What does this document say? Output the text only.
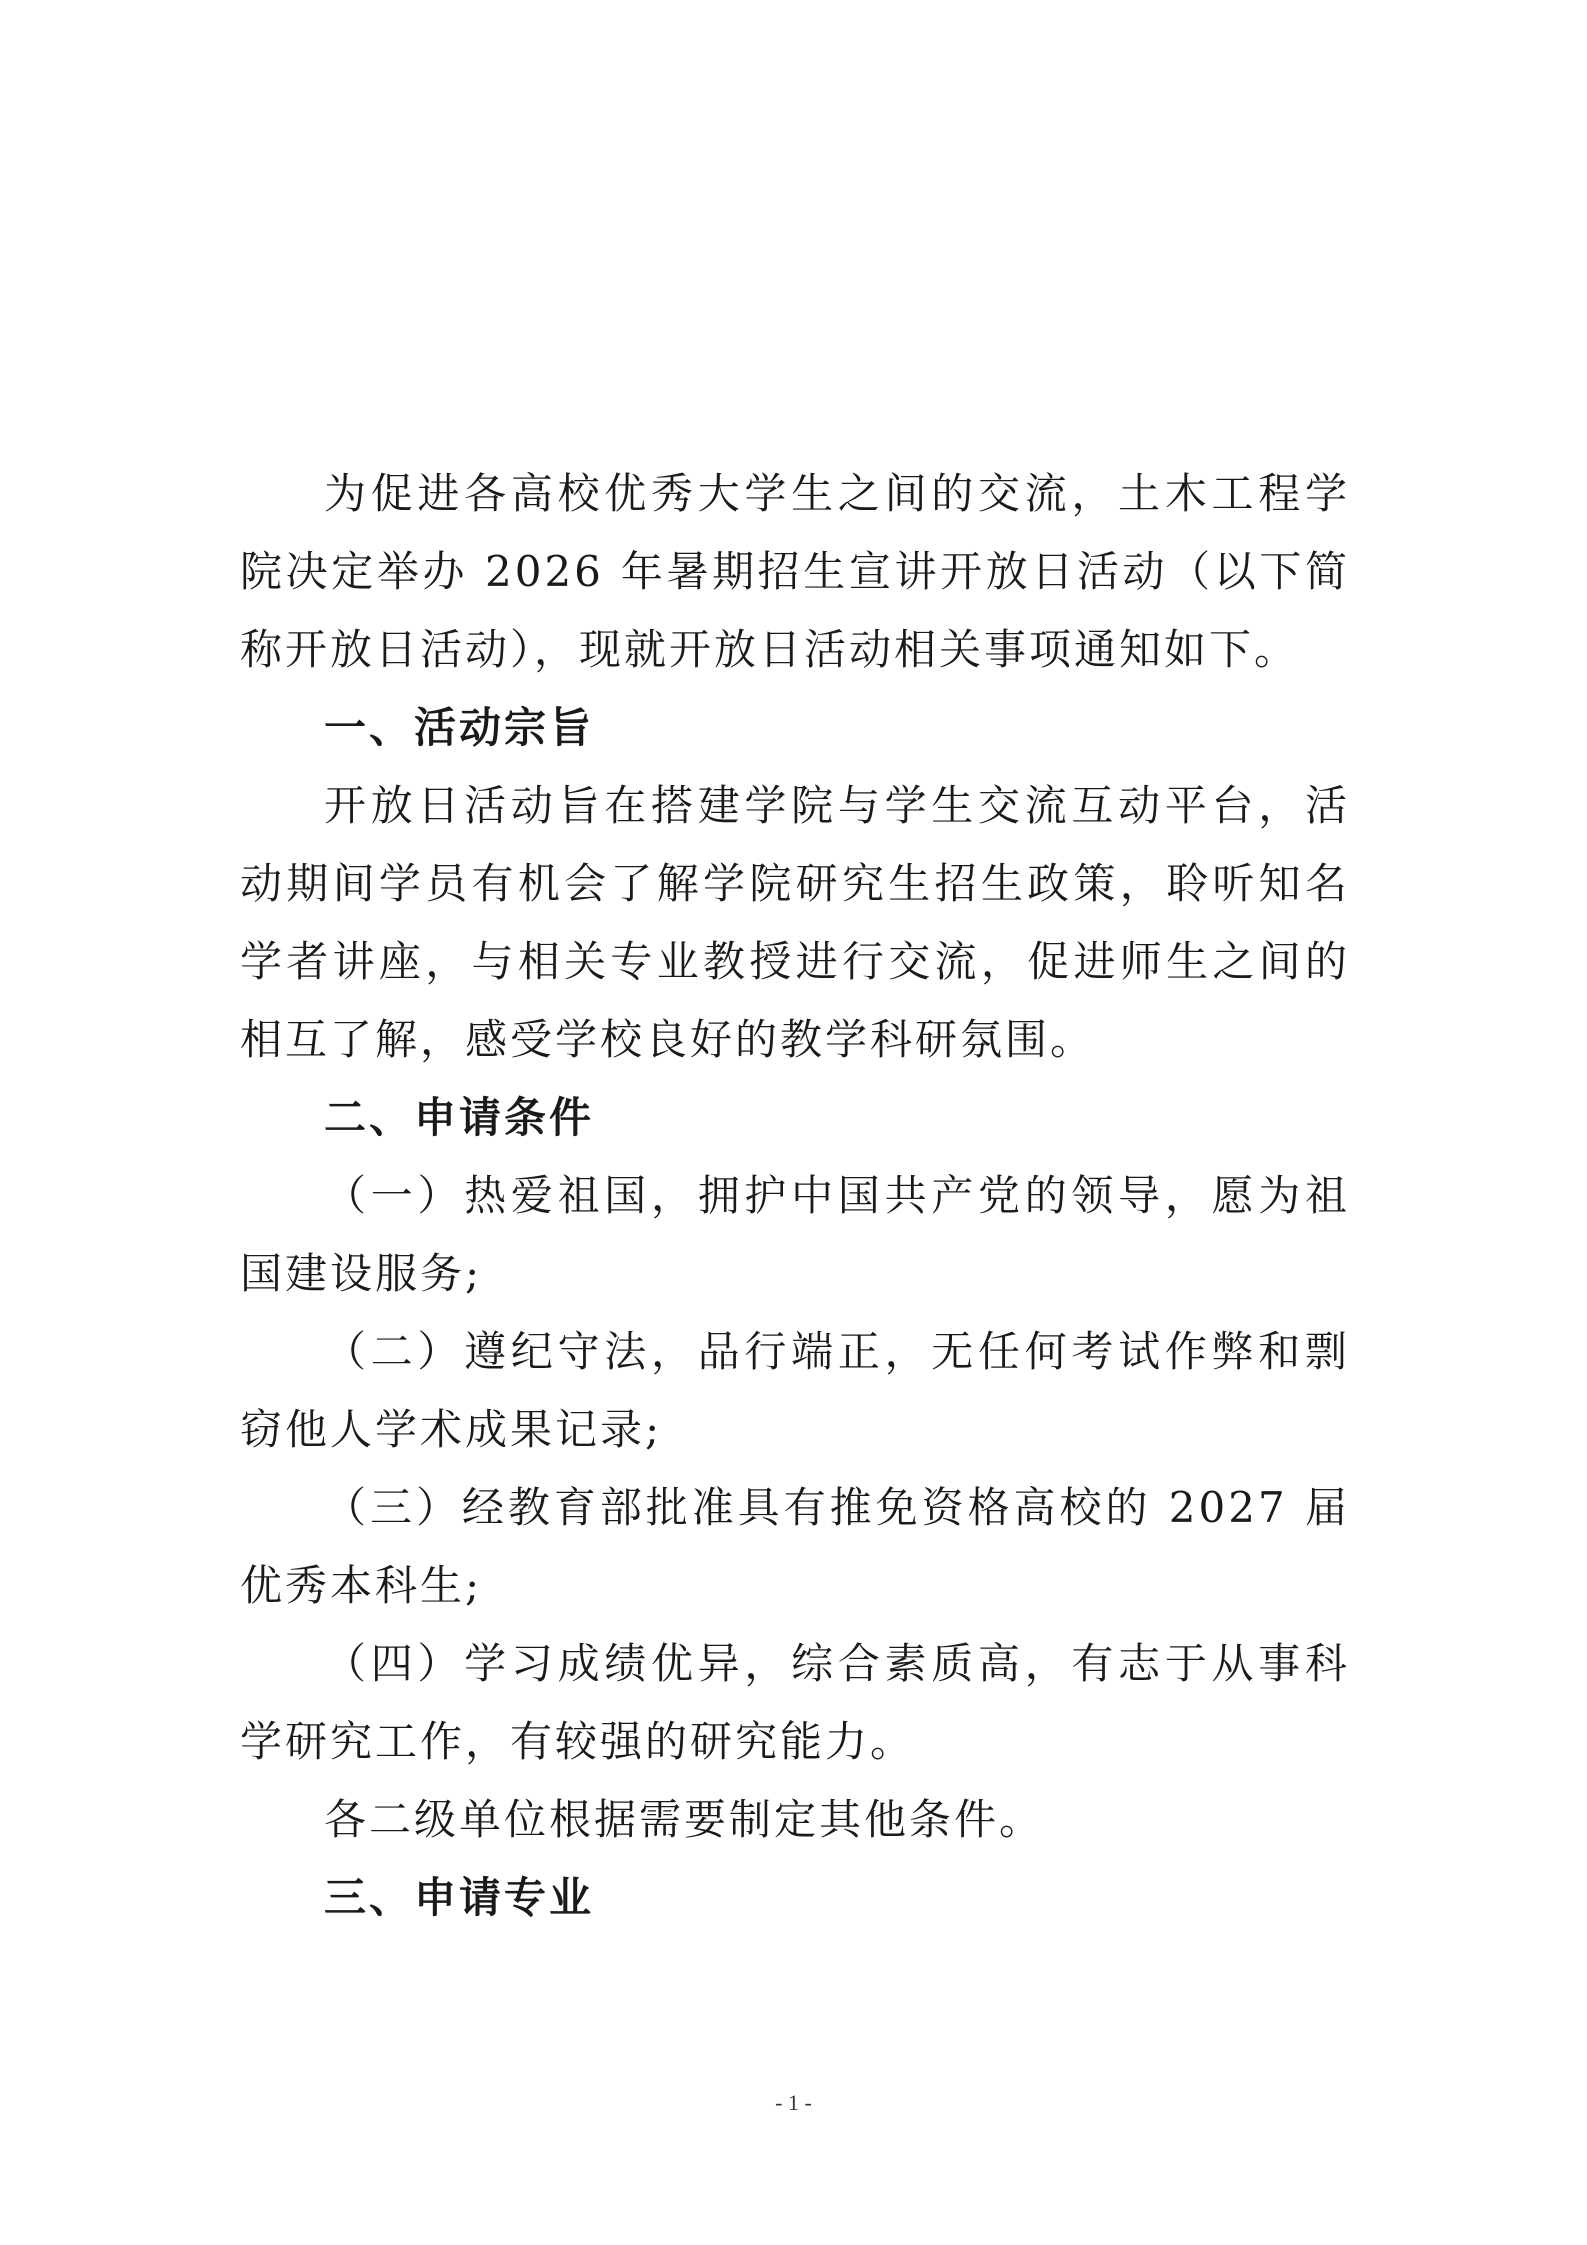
为促进各高校优秀大学生之间的交流，土木工程学院决定举办 2026 年暑期招生宣讲开放日活动（以下简称开放日活动），现就开放日活动相关事项通知如下。

一、活动宗旨

开放日活动旨在搭建学院与学生交流互动平台，活动期间学员有机会了解学院研究生招生政策，聆听知名学者讲座，与相关专业教授进行交流，促进师生之间的相互了解，感受学校良好的教学科研氛围。

二、申请条件

（一）热爱祖国，拥护中国共产党的领导，愿为祖国建设服务;

（二）遵纪守法，品行端正，无任何考试作弊和剽窃他人学术成果记录;

（三）经教育部批准具有推免资格高校的 2027 届优秀本科生;

（四）学习成绩优异，综合素质高，有志于从事科学研究工作，有较强的研究能力。

各二级单位根据需要制定其他条件。

三、申请专业

- 1 -
